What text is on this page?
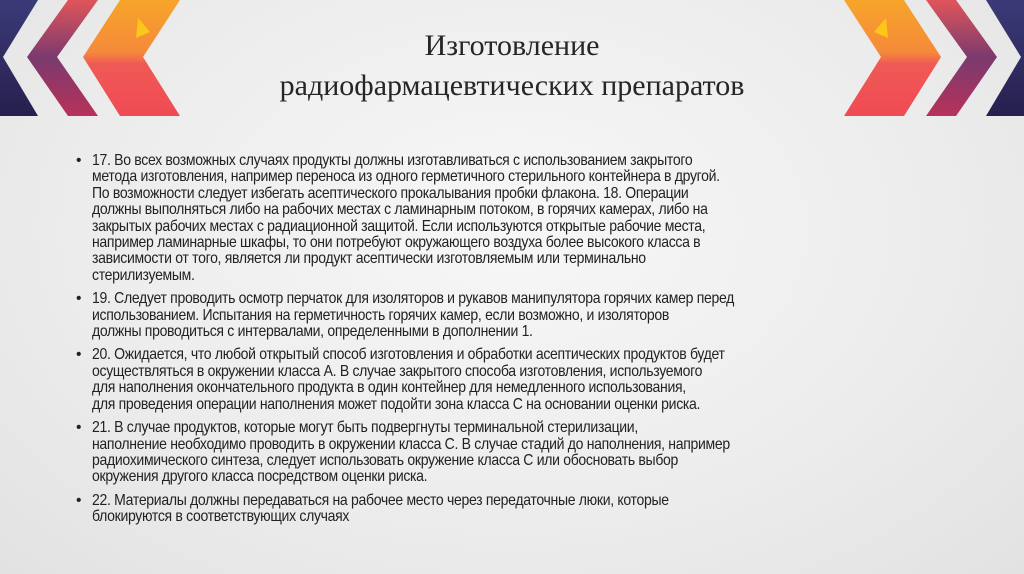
Изготовление
радиофармацевтических препаратов
• 17. Во всех возможных случаях продукты должны изготавливаться с использованием закрытого
метода изготовления, например переноса из одного герметичного стерильного контейнера в другой.
По возможности следует избегать асептического прокалывания пробки флакона. 18. Операции
должны выполняться либо на рабочих местах с ламинарным потоком, в горячих камерах, либо на
закрытых рабочих местах с радиационной защитой. Если используются открытые рабочие места,
например ламинарные шкафы, то они потребуют окружающего воздуха более высокого класса в
зависимости от того, является ли продукт асептически изготовляемым или терминально
стерилизуемым.
• 19. Следует проводить осмотр перчаток для изоляторов и рукавов манипулятора горячих камер перед
использованием. Испытания на герметичность горячих камер, если возможно, и изоляторов
должны проводиться с интервалами, определенными в дополнении 1.
• 20. Ожидается, что любой открытый способ изготовления и обработки асептических продуктов будет
осуществляться в окружении класса А. В случае закрытого способа изготовления, используемого
для наполнения окончательного продукта в один контейнер для немедленного использования,
для проведения операции наполнения может подойти зона класса С на основании оценки риска.
• 21. В случае продуктов, которые могут быть подвергнуты терминальной стерилизации,
наполнение необходимо проводить в окружении класса С. В случае стадий до наполнения, например
радиохимического синтеза, следует использовать окружение класса С или обосновать выбор
окружения другого класса посредством оценки риска.
• 22. Материалы должны передаваться на рабочее место через передаточные люки, которые
блокируются в соответствующих случаях
